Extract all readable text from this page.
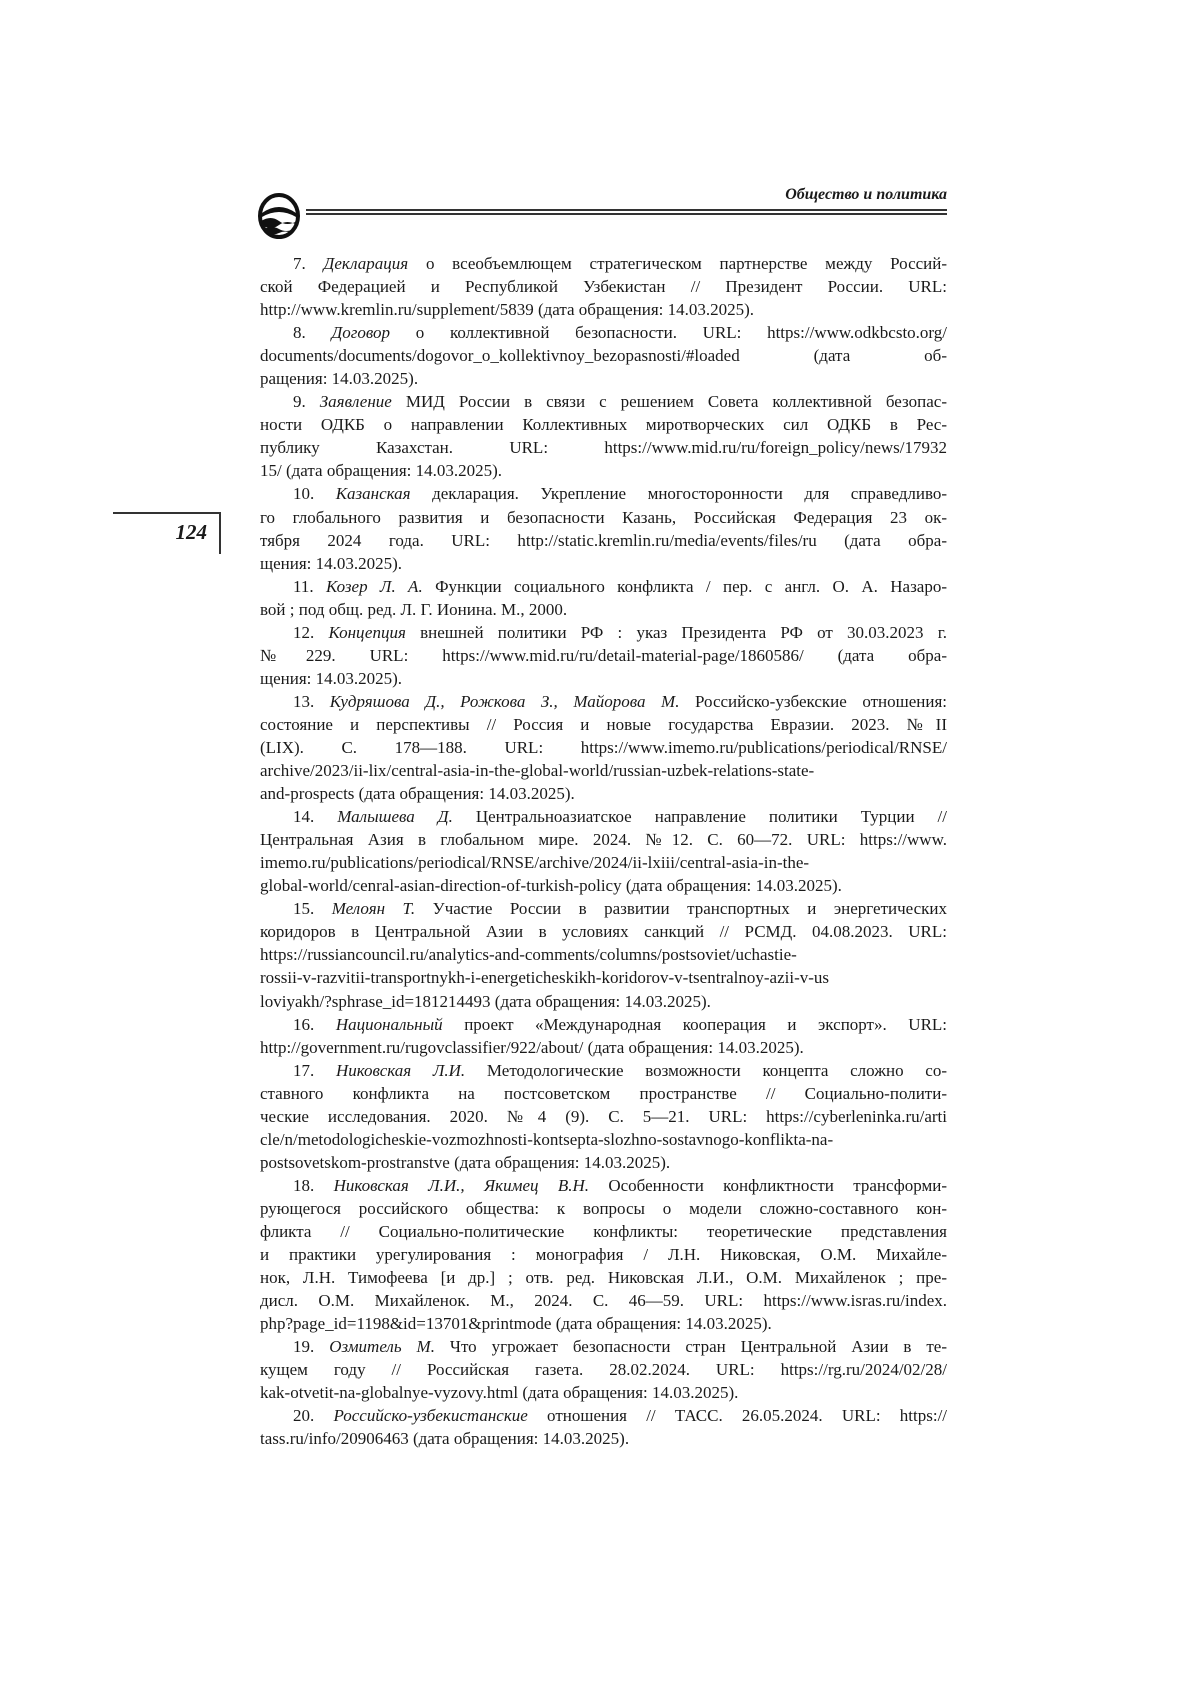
Общество и политика
124
7. Декларация о всеобъемлющем стратегическом партнерстве между Россий-
ской Федерацией и Республикой Узбекистан // Президент России. URL:
http://www.kremlin.ru/supplement/5839 (дата обращения: 14.03.2025).
8. Договор о коллективной безопасности. URL: https://www.odkbcsto.org/
documents/documents/dogovor_o_kollektivnoy_bezopasnosti/#loaded (дата об-
ращения: 14.03.2025).
9. Заявление МИД России в связи с решением Совета коллективной безопас-
ности ОДКБ о направлении Коллективных миротворческих сил ОДКБ в Рес-
публику Казахстан. URL: https://www.mid.ru/ru/foreign_policy/news/17932
15/ (дата обращения: 14.03.2025).
10. Казанская декларация. Укрепление многосторонности для справедливо-
го глобального развития и безопасности Казань, Российская Федерация 23 ок-
тября 2024 года. URL: http://static.kremlin.ru/media/events/files/ru (дата обра-
щения: 14.03.2025).
11. Козер Л. А. Функции социального конфликта / пер. с англ. О. А. Назаро-
вой ; под общ. ред. Л. Г. Ионина. М., 2000.
12. Концепция внешней политики РФ : указ Президента РФ от 30.03.2023 г.
№229. URL: https://www.mid.ru/ru/detail-material-page/1860586/ (дата обра-
щения: 14.03.2025).
13. Кудряшова Д., Рожкова З., Майорова М. Российско-узбекские отношения:
состояние и перспективы // Россия и новые государства Евразии. 2023. №II
(LIX). С. 178—188. URL: https://www.imemo.ru/publications/periodical/RNSE/
archive/2023/ii-lix/central-asia-in-the-global-world/russian-uzbek-relations-state-
and-prospects (дата обращения: 14.03.2025).
14. Малышева Д. Центральноазиатское направление политики Турции //
Центральная Азия в глобальном мире. 2024. №12. С. 60—72. URL: https://www.
imemo.ru/publications/periodical/RNSE/archive/2024/ii-lxiii/central-asia-in-the-
global-world/cenral-asian-direction-of-turkish-policy (дата обращения: 14.03.2025).
15. Мелоян Т. Участие России в развитии транспортных и энергетических
коридоров в Центральной Азии в условиях санкций // РСМД. 04.08.2023. URL:
https://russiancouncil.ru/analytics-and-comments/columns/postsoviet/uchastie-
rossii-v-razvitii-transportnykh-i-energeticheskikh-koridorov-v-tsentralnoy-azii-v-us
loviyakh/?sphrase_id=181214493 (дата обращения: 14.03.2025).
16. Национальный проект «Международная кооперация и экспорт». URL:
http://government.ru/rugovclassifier/922/about/ (дата обращения: 14.03.2025).
17. Никовская Л.И. Методологические возможности концепта сложно со-
ставного конфликта на постсоветском пространстве // Социально-полити-
ческие исследования. 2020. №4 (9). С. 5—21. URL: https://cyberleninka.ru/arti
cle/n/metodologicheskie-vozmozhnosti-kontsepta-slozhno-sostavnogo-konflikta-na-
postsovetskom-prostranstve (дата обращения: 14.03.2025).
18. Никовская Л.И., Якимец В.Н. Особенности конфликтности трансформи-
рующегося российского общества: к вопросы о модели сложно-составного кон-
фликта // Социально-политические конфликты: теоретические представления
и практики урегулирования : монография / Л.Н. Никовская, О.М. Михайле-
нок, Л.Н. Тимофеева [и др.] ; отв. ред. Никовская Л.И., О.М. Михайленок ; пре-
дисл. О.М. Михайленок. М., 2024. С. 46—59. URL: https://www.isras.ru/index.
php?page_id=1198&id=13701&printmode (дата обращения: 14.03.2025).
19. Озмитель М. Что угрожает безопасности стран Центральной Азии в те-
кущем году // Российская газета. 28.02.2024. URL: https://rg.ru/2024/02/28/
kak-otvetit-na-globalnye-vyzovy.html (дата обращения: 14.03.2025).
20. Российско-узбекистанские отношения // ТАСС. 26.05.2024. URL: https://
tass.ru/info/20906463 (дата обращения: 14.03.2025).
